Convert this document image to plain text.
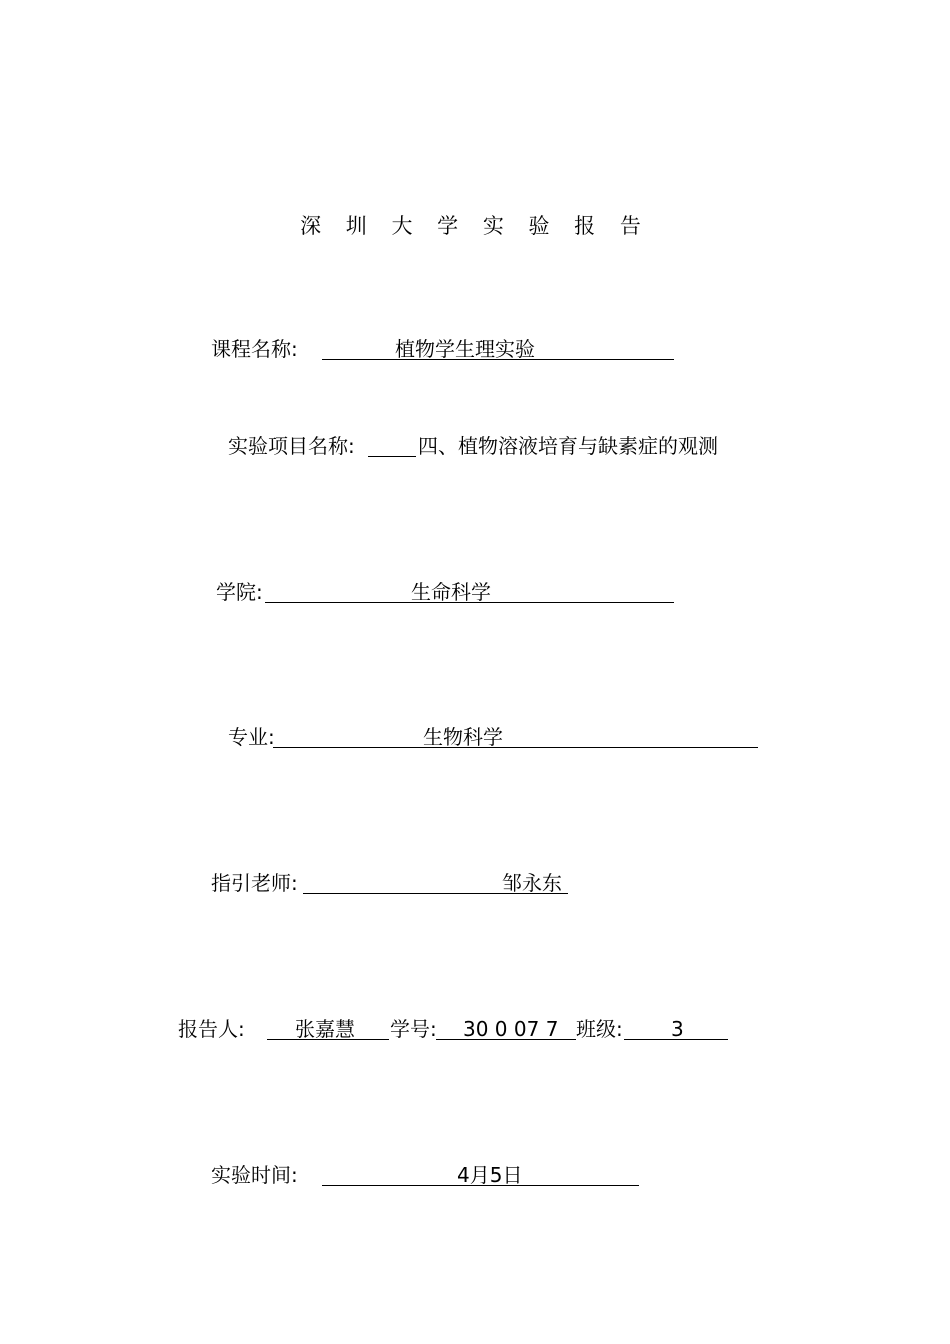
深 圳 大 学 实 验 报 告
课程名称:	植物学生理实验
实验项目名称:	四、植物溶液培育与缺素症的观测
学院:	生命科学
专业:	生物科学
指引老师:	邹永东
报告人:	张嘉慧 学号: 30 0 07 7 班级: 3
实验时间:	4月5日
